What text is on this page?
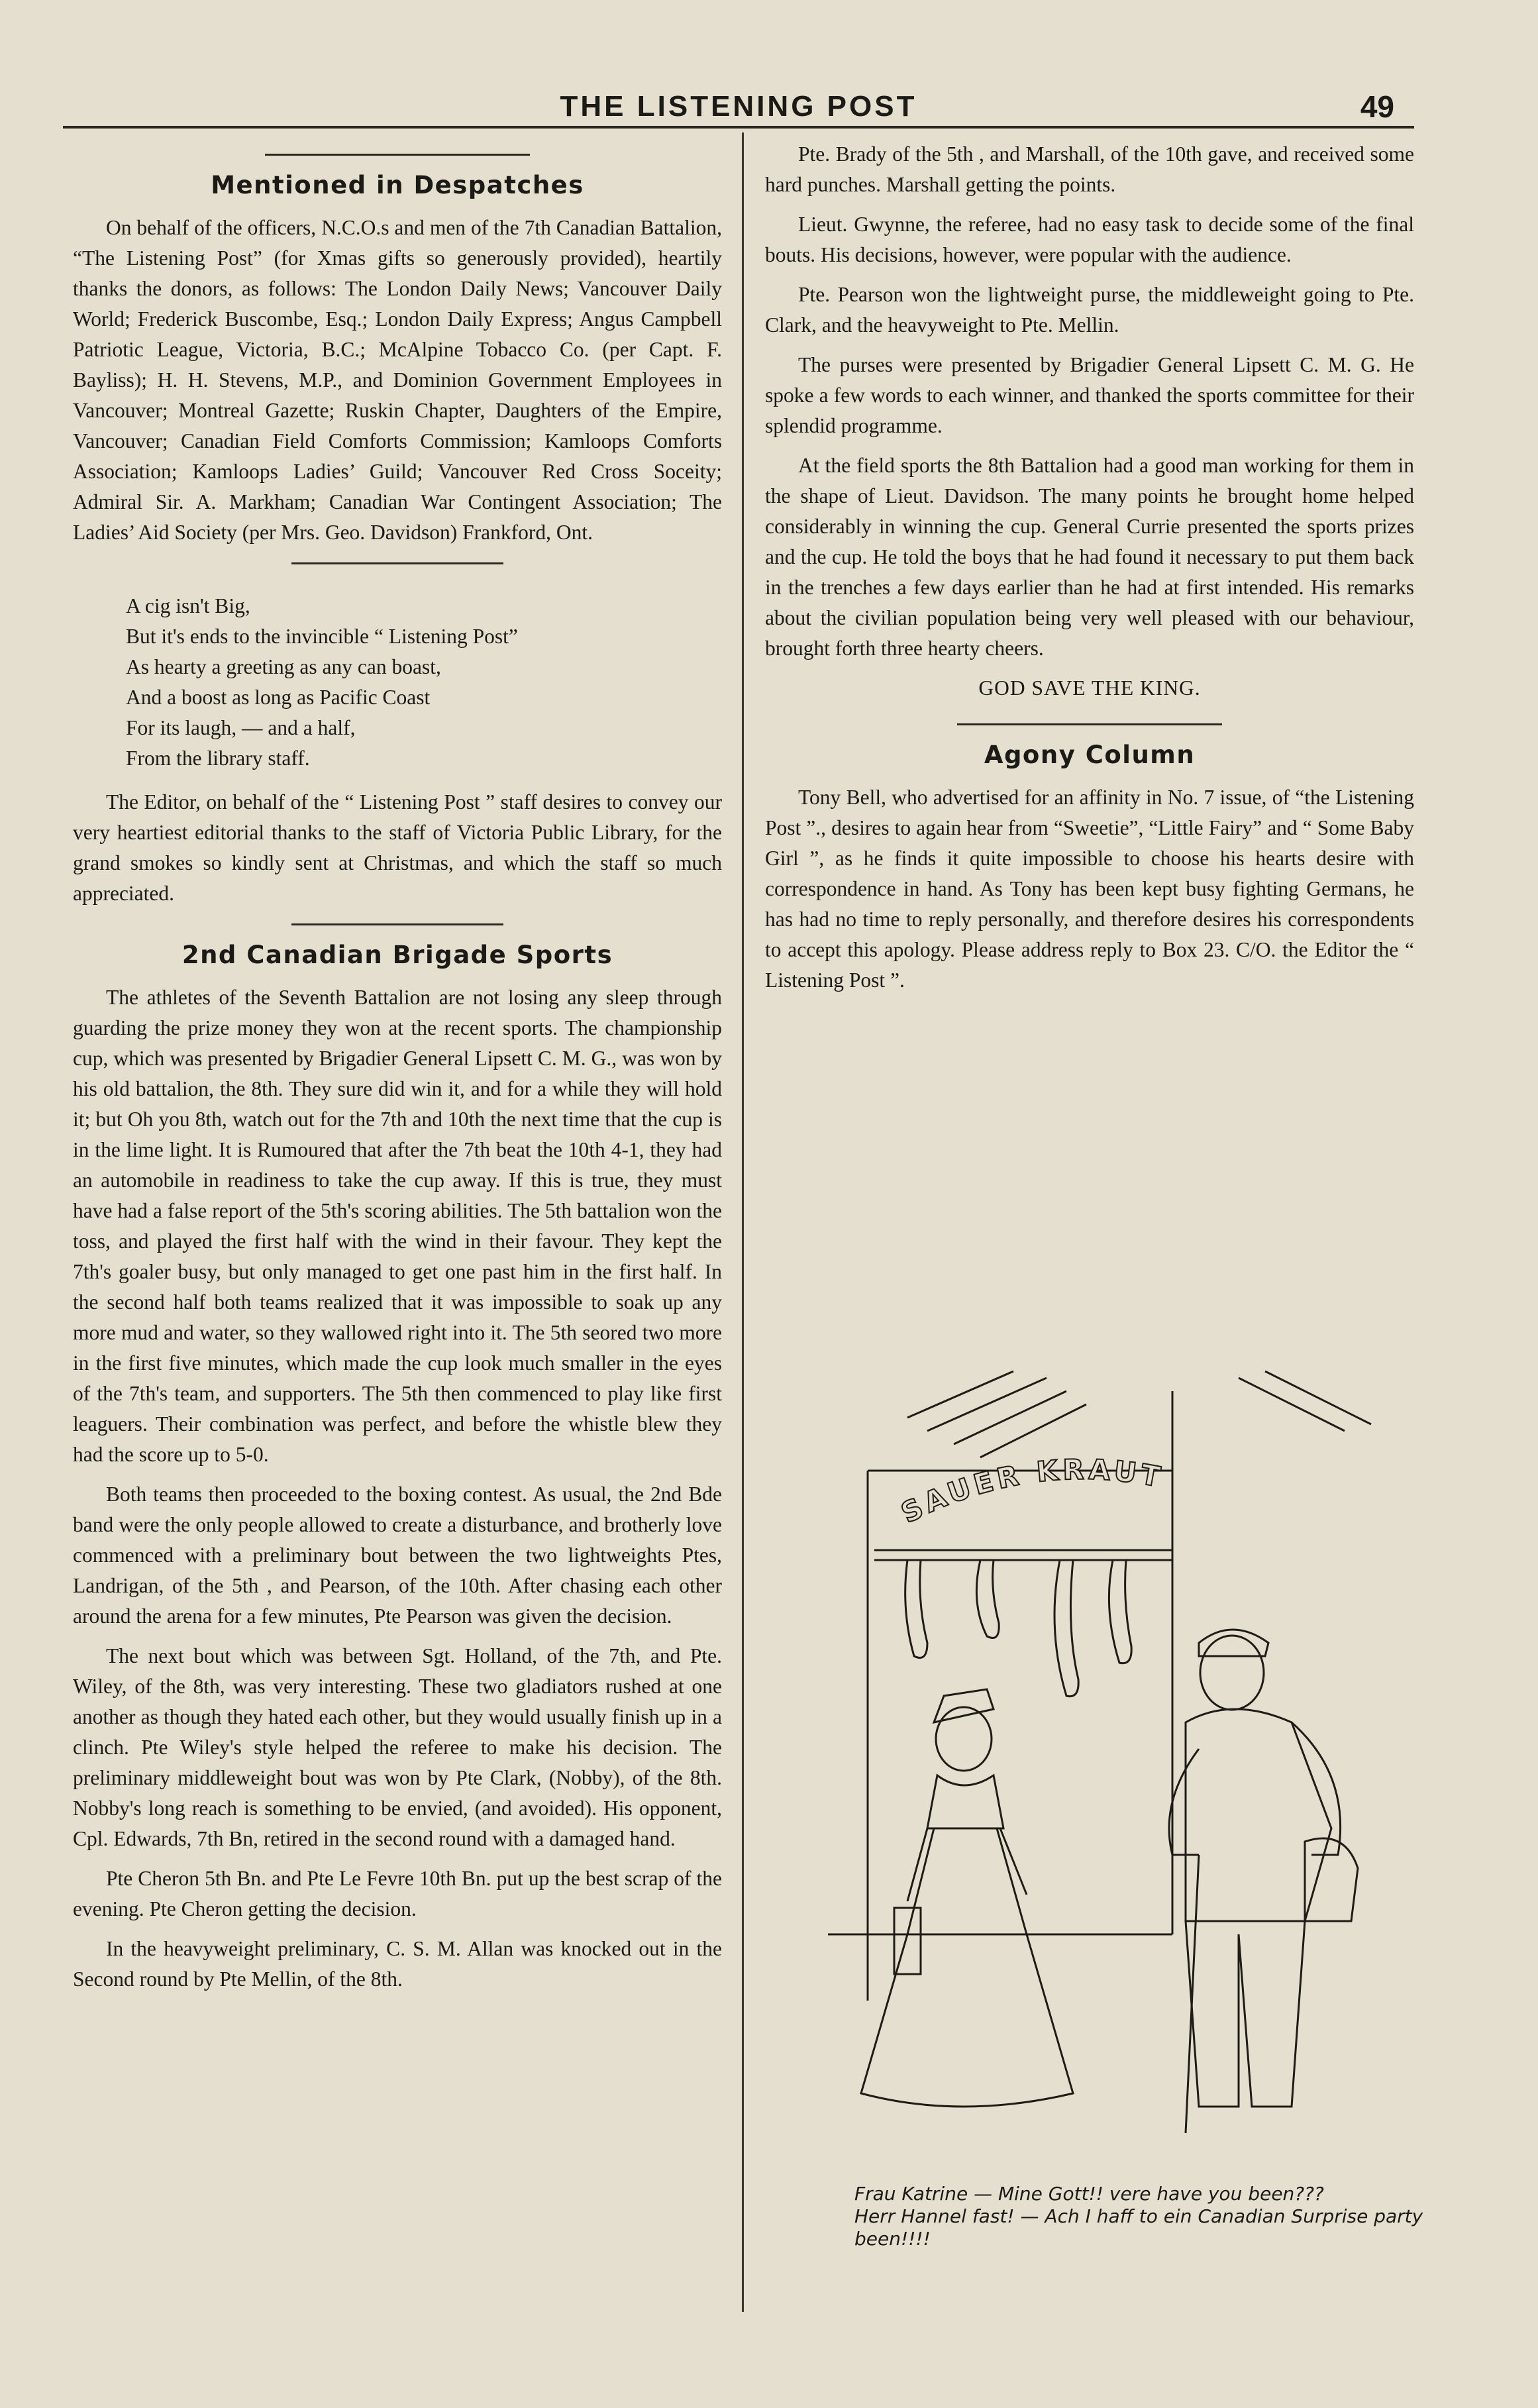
THE LISTENING POST	49
Mentioned in Despatches

On behalf of the officers, N.C.O.s and men of the 7th Canadian Battalion, “The Listening Post” (for Xmas gifts so generously provided), heartily thanks the donors, as follows: The London Daily News; Vancouver Daily World; Frederick Buscombe, Esq.; London Daily Express; Angus Campbell Patriotic League, Victoria, B.C.; McAlpine Tobacco Co. (per Capt. F. Bayliss); H. H. Stevens, M.P., and Dominion Government Employees in Vancouver; Montreal Gazette; Ruskin Chapter, Daughters of the Empire, Vancouver; Canadian Field Comforts Commission; Kamloops Comforts Association; Kamloops Ladies’ Guild; Vancouver Red Cross Soceity; Admiral Sir. A. Markham; Canadian War Contingent Association; The Ladies’ Aid Society (per Mrs. Geo. Davidson) Frankford, Ont.

A cig isn't Big,
But it's ends to the invincible “ Listening Post”
As hearty a greeting as any can boast,
And a boost as long as Pacific Coast
For its laugh, — and a half,
From the library staff.

The Editor, on behalf of the “ Listening Post ” staff desires to convey our very heartiest editorial thanks to the staff of Victoria Public Library, for the grand smokes so kindly sent at Christmas, and which the staff so much appreciated.

2nd Canadian Brigade Sports

The athletes of the Seventh Battalion are not losing any sleep through guarding the prize money they won at the recent sports. The championship cup, which was presented by Brigadier General Lipsett C. M. G., was won by his old battalion, the 8th. They sure did win it, and for a while they will hold it; but Oh you 8th, watch out for the 7th and 10th the next time that the cup is in the lime light. It is Rumoured that after the 7th beat the 10th 4-1, they had an automobile in readiness to take the cup away. If this is true, they must have had a false report of the 5th's scoring abilities. The 5th battalion won the toss, and played the first half with the wind in their favour. They kept the 7th's goaler busy, but only managed to get one past him in the first half. In the second half both teams realized that it was impossible to soak up any more mud and water, so they wallowed right into it. The 5th seored two more in the first five minutes, which made the cup look much smaller in the eyes of the 7th's team, and supporters. The 5th then commenced to play like first leaguers. Their combination was perfect, and before the whistle blew they had the score up to 5-0.

Both teams then proceeded to the boxing contest. As usual, the 2nd Bde band were the only people allowed to create a disturbance, and brotherly love commenced with a preliminary bout between the two lightweights Ptes, Landrigan, of the 5th , and Pearson, of the 10th. After chasing each other around the arena for a few minutes, Pte Pearson was given the decision.

The next bout which was between Sgt. Holland, of the 7th, and Pte. Wiley, of the 8th, was very interesting. These two gladiators rushed at one another as though they hated each other, but they would usually finish up in a clinch. Pte Wiley's style helped the referee to make his decision. The preliminary middleweight bout was won by Pte Clark, (Nobby), of the 8th. Nobby's long reach is something to be envied, (and avoided). His opponent, Cpl. Edwards, 7th Bn, retired in the second round with a damaged hand.

Pte Cheron 5th Bn. and Pte Le Fevre 10th Bn. put up the best scrap of the evening. Pte Cheron getting the decision.

In the heavyweight preliminary, C. S. M. Allan was knocked out in the Second round by Pte Mellin, of the 8th.

Pte. Brady of the 5th , and Marshall, of the 10th gave, and received some hard punches. Marshall getting the points.

Lieut. Gwynne, the referee, had no easy task to decide some of the final bouts. His decisions, however, were popular with the audience.

Pte. Pearson won the lightweight purse, the middleweight going to Pte. Clark, and the heavyweight to Pte. Mellin.

The purses were presented by Brigadier General Lipsett C. M. G. He spoke a few words to each winner, and thanked the sports committee for their splendid programme.

At the field sports the 8th Battalion had a good man working for them in the shape of Lieut. Davidson. The many points he brought home helped considerably in winning the cup. General Currie presented the sports prizes and the cup. He told the boys that he had found it necessary to put them back in the trenches a few days earlier than he had at first intended. His remarks about the civilian population being very well pleased with our behaviour, brought forth three hearty cheers.

GOD SAVE THE KING.
Agony Column

Tony Bell, who advertised for an affinity in No. 7 issue, of “the Listening Post ”., desires to again hear from “Sweetie”, “Little Fairy” and “ Some Baby Girl ”, as he finds it quite impossible to choose his hearts desire with correspondence in hand. As Tony has been kept busy fighting Germans, he has had no time to reply personally, and therefore desires his correspondents to accept this apology. Please address reply to Box 23. C/O. the Editor the “ Listening Post ”.

SAUER KRAUT
Frau Katrine — Mine Gott!! vere have you been???
Herr Hannel fast! — Ach I haff to ein Canadian Surprise party been!!!!
